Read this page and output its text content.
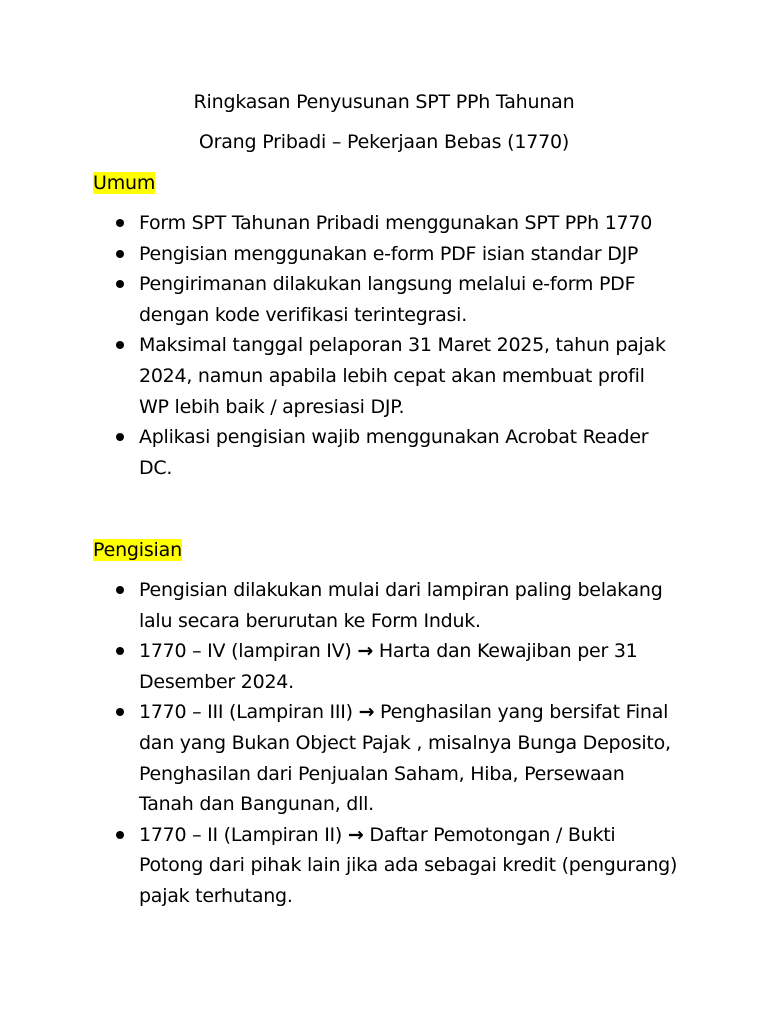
Ringkasan Penyusunan SPT PPh Tahunan
Orang Pribadi – Pekerjaan Bebas (1770)
Umum
Form SPT Tahunan Pribadi menggunakan SPT PPh 1770
Pengisian menggunakan e-form PDF isian standar DJP
Pengirimanan dilakukan langsung melalui e-form PDF dengan kode verifikasi terintegrasi.
Maksimal tanggal pelaporan 31 Maret 2025, tahun pajak 2024, namun apabila lebih cepat akan membuat profil WP lebih baik / apresiasi DJP.
Aplikasi pengisian wajib menggunakan Acrobat Reader DC.
Pengisian
Pengisian dilakukan mulai dari lampiran paling belakang lalu secara berurutan ke Form Induk.
1770 – IV (lampiran IV) → Harta dan Kewajiban per 31 Desember 2024.
1770 – III (Lampiran III) → Penghasilan yang bersifat Final dan yang Bukan Object Pajak , misalnya Bunga Deposito, Penghasilan dari Penjualan Saham, Hiba, Persewaan Tanah dan Bangunan, dll.
1770 – II (Lampiran II) → Daftar Pemotongan / Bukti Potong dari pihak lain jika ada sebagai kredit (pengurang) pajak terhutang.
